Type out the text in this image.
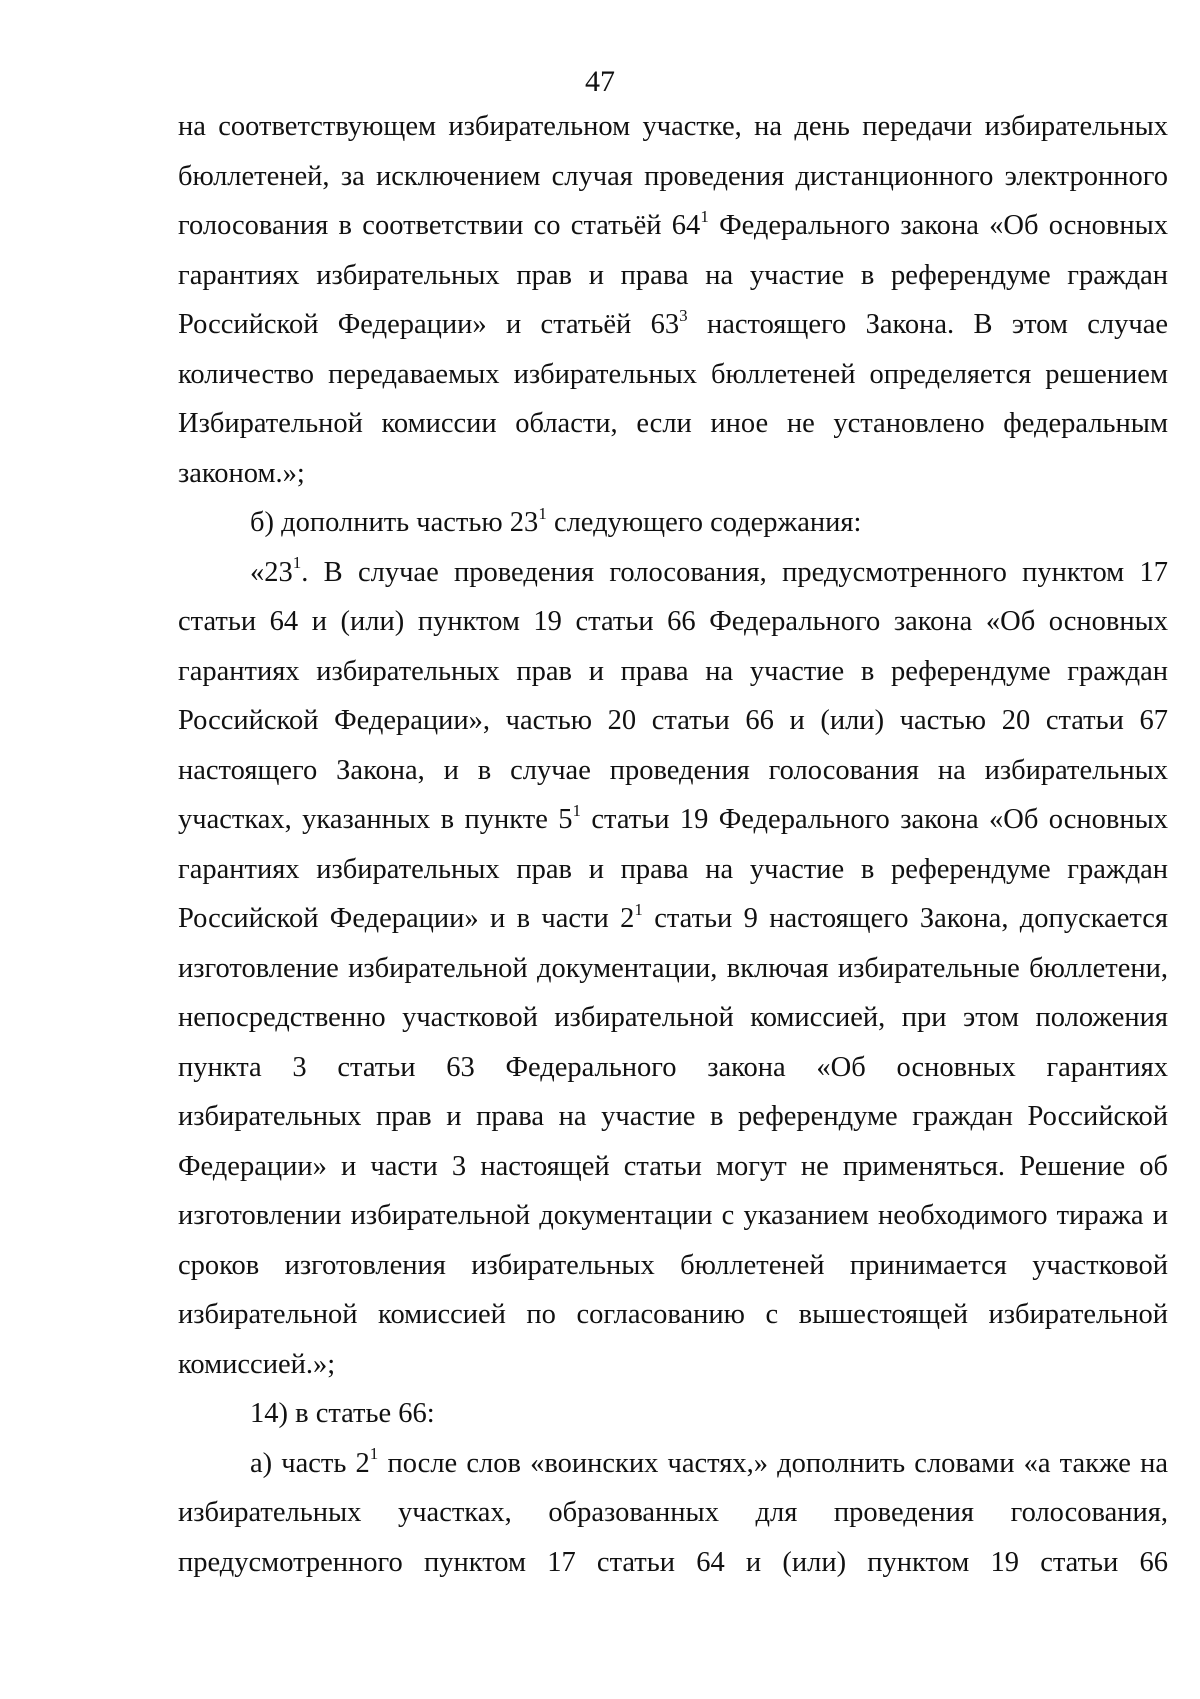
47

на соответствующем избирательном участке, на день передачи избирательных бюллетеней, за исключением случая проведения дистанционного электронного голосования в соответствии со статьёй $64^1$ Федерального закона «Об основных гарантиях избирательных прав и права на участие в референдуме граждан Российской Федерации» и статьёй $63^3$ настоящего Закона. В этом случае количество передаваемых избирательных бюллетеней определяется решением Избирательной комиссии области, если иное не установлено федеральным законом.»;

б) дополнить частью $23^1$ следующего содержания:

«$23^1$. В случае проведения голосования, предусмотренного пунктом 17 статьи 64 и (или) пунктом 19 статьи 66 Федерального закона «Об основных гарантиях избирательных прав и права на участие в референдуме граждан Российской Федерации», частью 20 статьи 66 и (или) частью 20 статьи 67 настоящего Закона, и в случае проведения голосования на избирательных участках, указанных в пункте $5^1$ статьи 19 Федерального закона «Об основных гарантиях избирательных прав и права на участие в референдуме граждан Российской Федерации» и в части $2^1$ статьи 9 настоящего Закона, допускается изготовление избирательной документации, включая избирательные бюллетени, непосредственно участковой избирательной комиссией, при этом положения пункта 3 статьи 63 Федерального закона «Об основных гарантиях избирательных прав и права на участие в референдуме граждан Российской Федерации» и части 3 настоящей статьи могут не применяться. Решение об изготовлении избирательной документации с указанием необходимого тиража и сроков изготовления избирательных бюллетеней принимается участковой избирательной комиссией по согласованию с вышестоящей избирательной комиссией.»;

14) в статье 66:

а) часть $2^1$ после слов «воинских частях,» дополнить словами «а также на избирательных участках, образованных для проведения голосования, предусмотренного пунктом 17 статьи 64 и (или) пунктом 19 статьи 66
